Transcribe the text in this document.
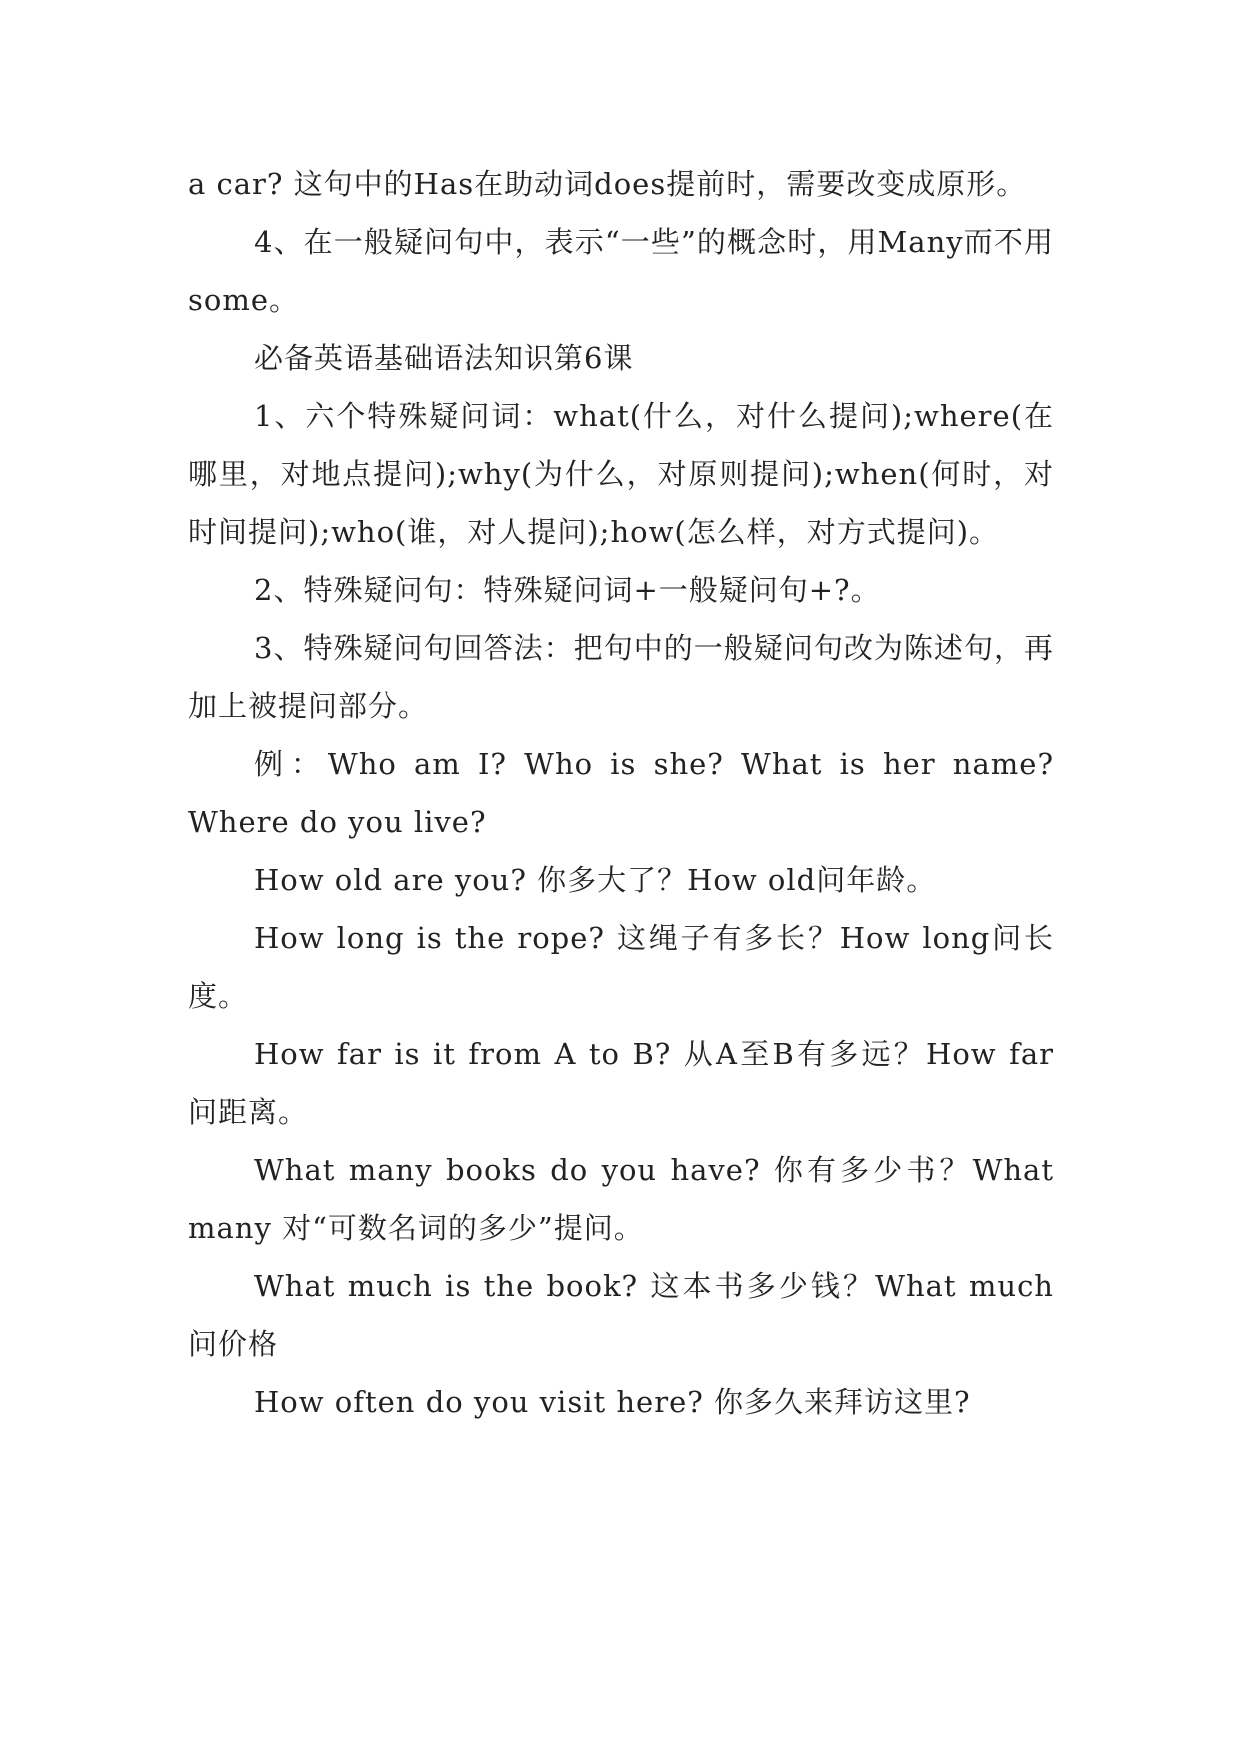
a car? 这句中的Has在助动词does提前时，需要改变成原形。

4、在一般疑问句中，表示“一些”的概念时，用Many而不用some。

必备英语基础语法知识第6课

1、六个特殊疑问词：what(什么，对什么提问);where(在哪里，对地点提问);why(为什么，对原则提问);when(何时，对时间提问);who(谁，对人提问);how(怎么样，对方式提问)。

2、特殊疑问句：特殊疑问词+一般疑问句+?。

3、特殊疑问句回答法：把句中的一般疑问句改为陈述句，再加上被提问部分。

例：Who am I? Who is she? What is her name? Where do you live?

How old are you? 你多大了？How old问年龄。

How long is the rope? 这绳子有多长？How long问长度。

How far is it from A to B? 从A至B有多远？How far 问距离。

What many books do you have? 你有多少书？What many 对“可数名词的多少”提问。

What much is the book? 这本书多少钱？What much问价格

How often do you visit here? 你多久来拜访这里?
